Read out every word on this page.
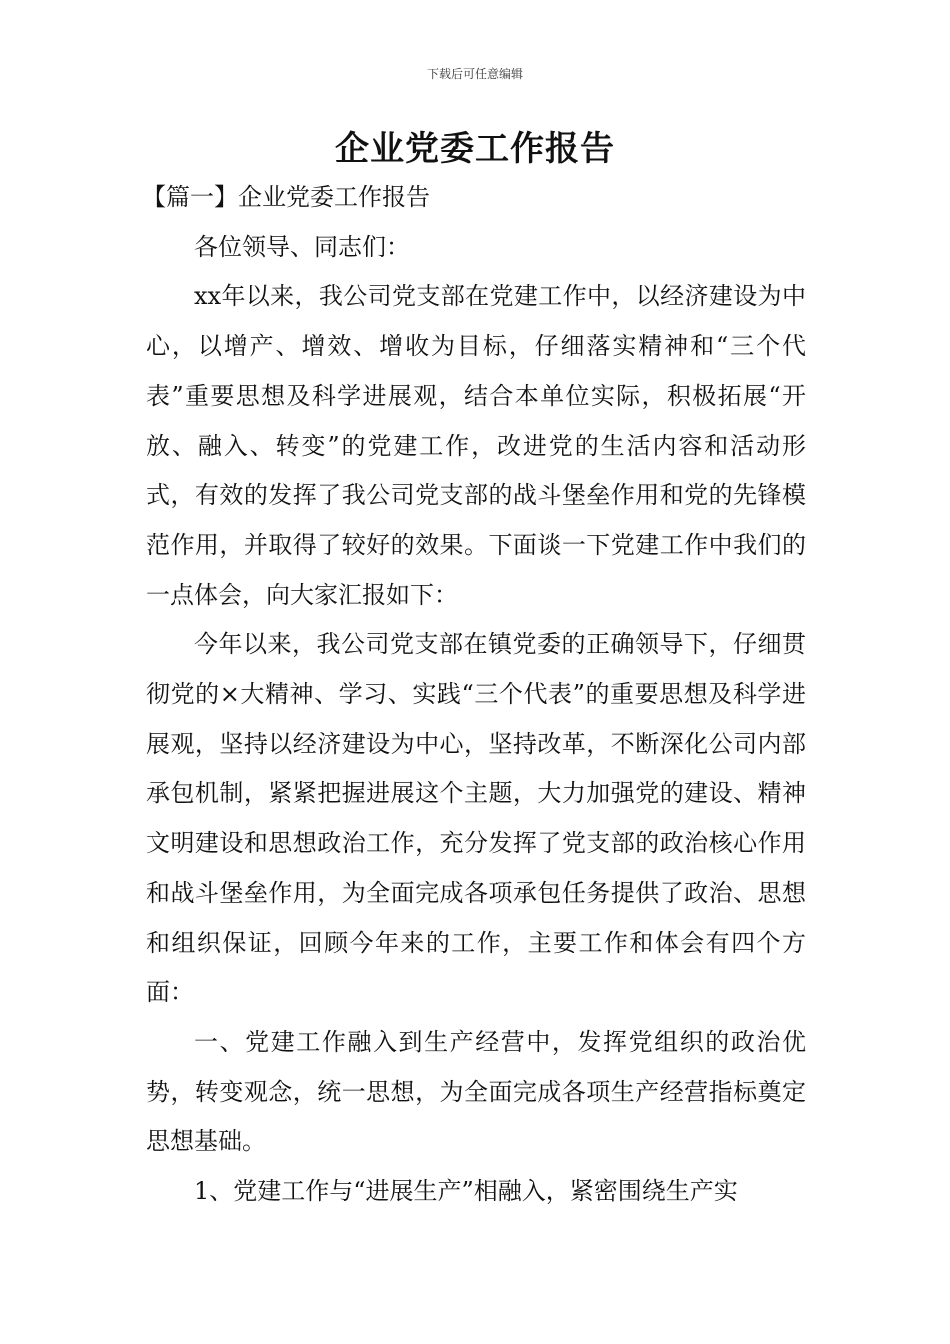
下载后可任意编辑
企业党委工作报告

【篇一】企业党委工作报告

各位领导、同志们：

xx年以来，我公司党支部在党建工作中，以经济建设为中心，以增产、增效、增收为目标，仔细落实精神和“三个代表”重要思想及科学进展观，结合本单位实际，积极拓展“开放、融入、转变”的党建工作，改进党的生活内容和活动形式，有效的发挥了我公司党支部的战斗堡垒作用和党的先锋模范作用，并取得了较好的效果。下面谈一下党建工作中我们的一点体会，向大家汇报如下：

今年以来，我公司党支部在镇党委的正确领导下，仔细贯彻党的×大精神、学习、实践“三个代表”的重要思想及科学进展观，坚持以经济建设为中心，坚持改革，不断深化公司内部承包机制，紧紧把握进展这个主题，大力加强党的建设、精神文明建设和思想政治工作，充分发挥了党支部的政治核心作用和战斗堡垒作用，为全面完成各项承包任务提供了政治、思想和组织保证，回顾今年来的工作，主要工作和体会有四个方面：

一、党建工作融入到生产经营中，发挥党组织的政治优势，转变观念，统一思想，为全面完成各项生产经营指标奠定思想基础。

1、党建工作与“进展生产”相融入，紧密围绕生产实
